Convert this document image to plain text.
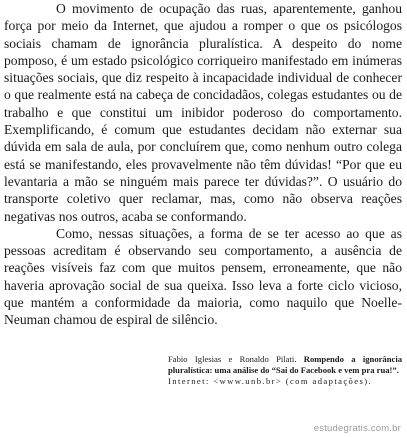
O movimento de ocupação das ruas, aparentemente, ganhou força por meio da Internet, que ajudou a romper o que os psicólogos sociais chamam de ignorância pluralística. A despeito do nome pomposo, é um estado psicológico corriqueiro manifestado em inúmeras situações sociais, que diz respeito à incapacidade individual de conhecer o que realmente está na cabeça de concidadãos, colegas estudantes ou de trabalho e que constitui um inibidor poderoso do comportamento. Exemplificando, é comum que estudantes decidam não externar sua dúvida em sala de aula, por concluírem que, como nenhum outro colega está se manifestando, eles provavelmente não têm dúvidas! “Por que eu levantaria a mão se ninguém mais parece ter dúvidas?”. O usuário do transporte coletivo quer reclamar, mas, como não observa reações negativas nos outros, acaba se conformando.

Como, nessas situações, a forma de se ter acesso ao que as pessoas acreditam é observando seu comportamento, a ausência de reações visíveis faz com que muitos pensem, erroneamente, que não haveria aprovação social de sua queixa. Isso leva a forte ciclo vicioso, que mantém a conformidade da maioria, como naquilo que Noelle-Neuman chamou de espiral de silêncio.

Fabio Iglesias e Ronaldo Pilati. Rompendo a ignorância pluralística: uma análise do “Sai do Facebook e vem pra rua!”.
Internet: <www.unb.br> (com adaptações).
estudegratis.com.br
